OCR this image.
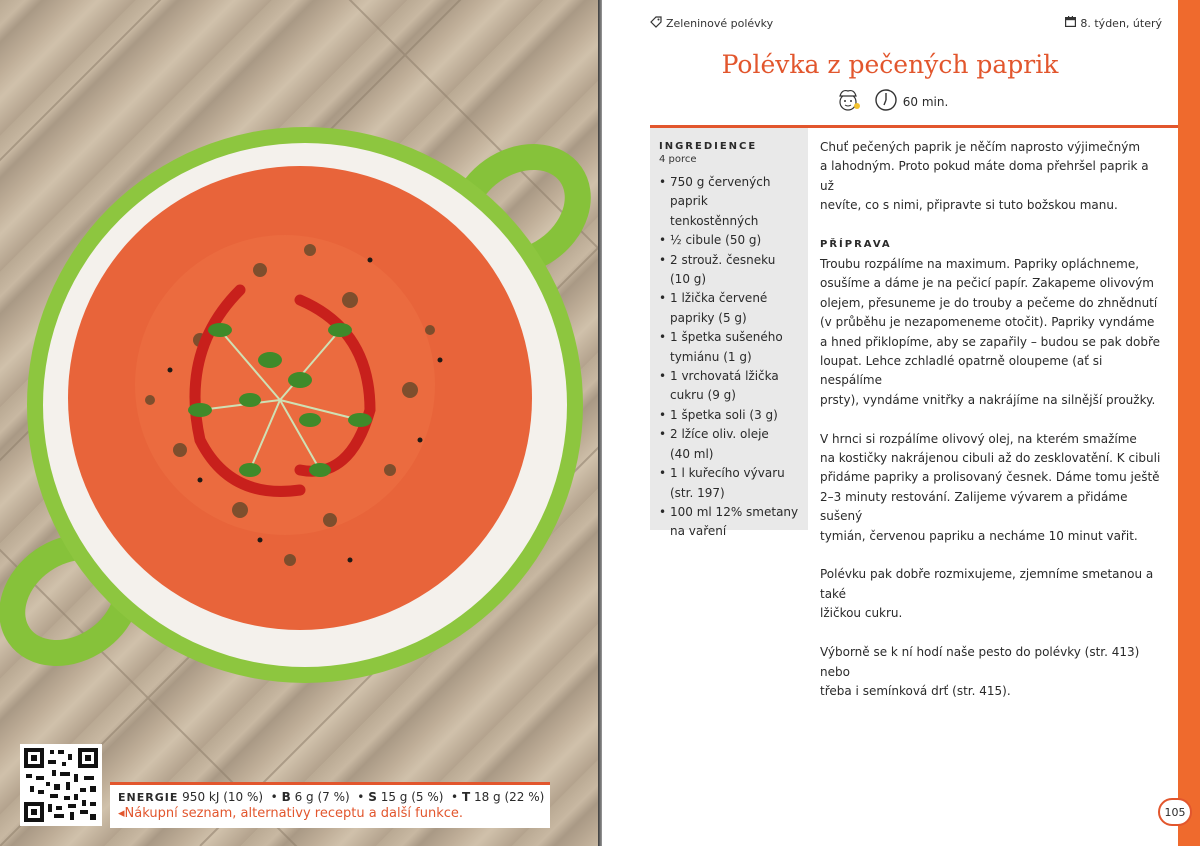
ENERGIE 950 kJ (10 %)  • B 6 g (7 %)  • S 15 g (5 %)  • T 18 g (22 %)
◂Nákupní seznam, alternativy receptu a další funkce.
Zeleninové polévky	8. týden, úterý
Polévka z pečených paprik
60 min.
INGREDIENCE
4 porce
• 750 g červených paprik
tenkostěnných
• ½ cibule (50 g)
• 2 strouž. česneku
(10 g)
• 1 lžička červené
papriky (5 g)
• 1 špetka sušeného
tymiánu (1 g)
• 1 vrchovatá lžička
cukru (9 g)
• 1 špetka soli (3 g)
• 2 lžíce oliv. oleje
(40 ml)
• 1 l kuřecího vývaru
(str. 197)
• 100 ml 12% smetany
na vaření

Chuť pečených paprik je něčím naprosto výjimečným
a lahodným. Proto pokud máte doma přehršel paprik a už
nevíte, co s nimi, připravte si tuto božskou manu.

PŘÍPRAVA

Troubu rozpálíme na maximum. Papriky opláchneme,
osušíme a dáme je na pečicí papír. Zakapeme olivovým
olejem, přesuneme je do trouby a pečeme do zhnědnutí
(v průběhu je nezapomeneme otočit). Papriky vyndáme
a hned přiklopíme, aby se zapařily – budou se pak dobře
loupat. Lehce zchladlé opatrně oloupeme (ať si nespálíme
prsty), vyndáme vnitřky a nakrájíme na silnější proužky.

V hrnci si rozpálíme olivový olej, na kterém smažíme
na kostičky nakrájenou cibuli až do zesklovatění. K cibuli
přidáme papriky a prolisovaný česnek. Dáme tomu ještě
2–3 minuty restování. Zalijeme vývarem a přidáme sušený
tymián, červenou papriku a necháme 10 minut vařit.

Polévku pak dobře rozmixujeme, zjemníme smetanou a také
lžičkou cukru.

Výborně se k ní hodí naše pesto do polévky (str. 413) nebo
třeba i semínková drť (str. 415).

105
